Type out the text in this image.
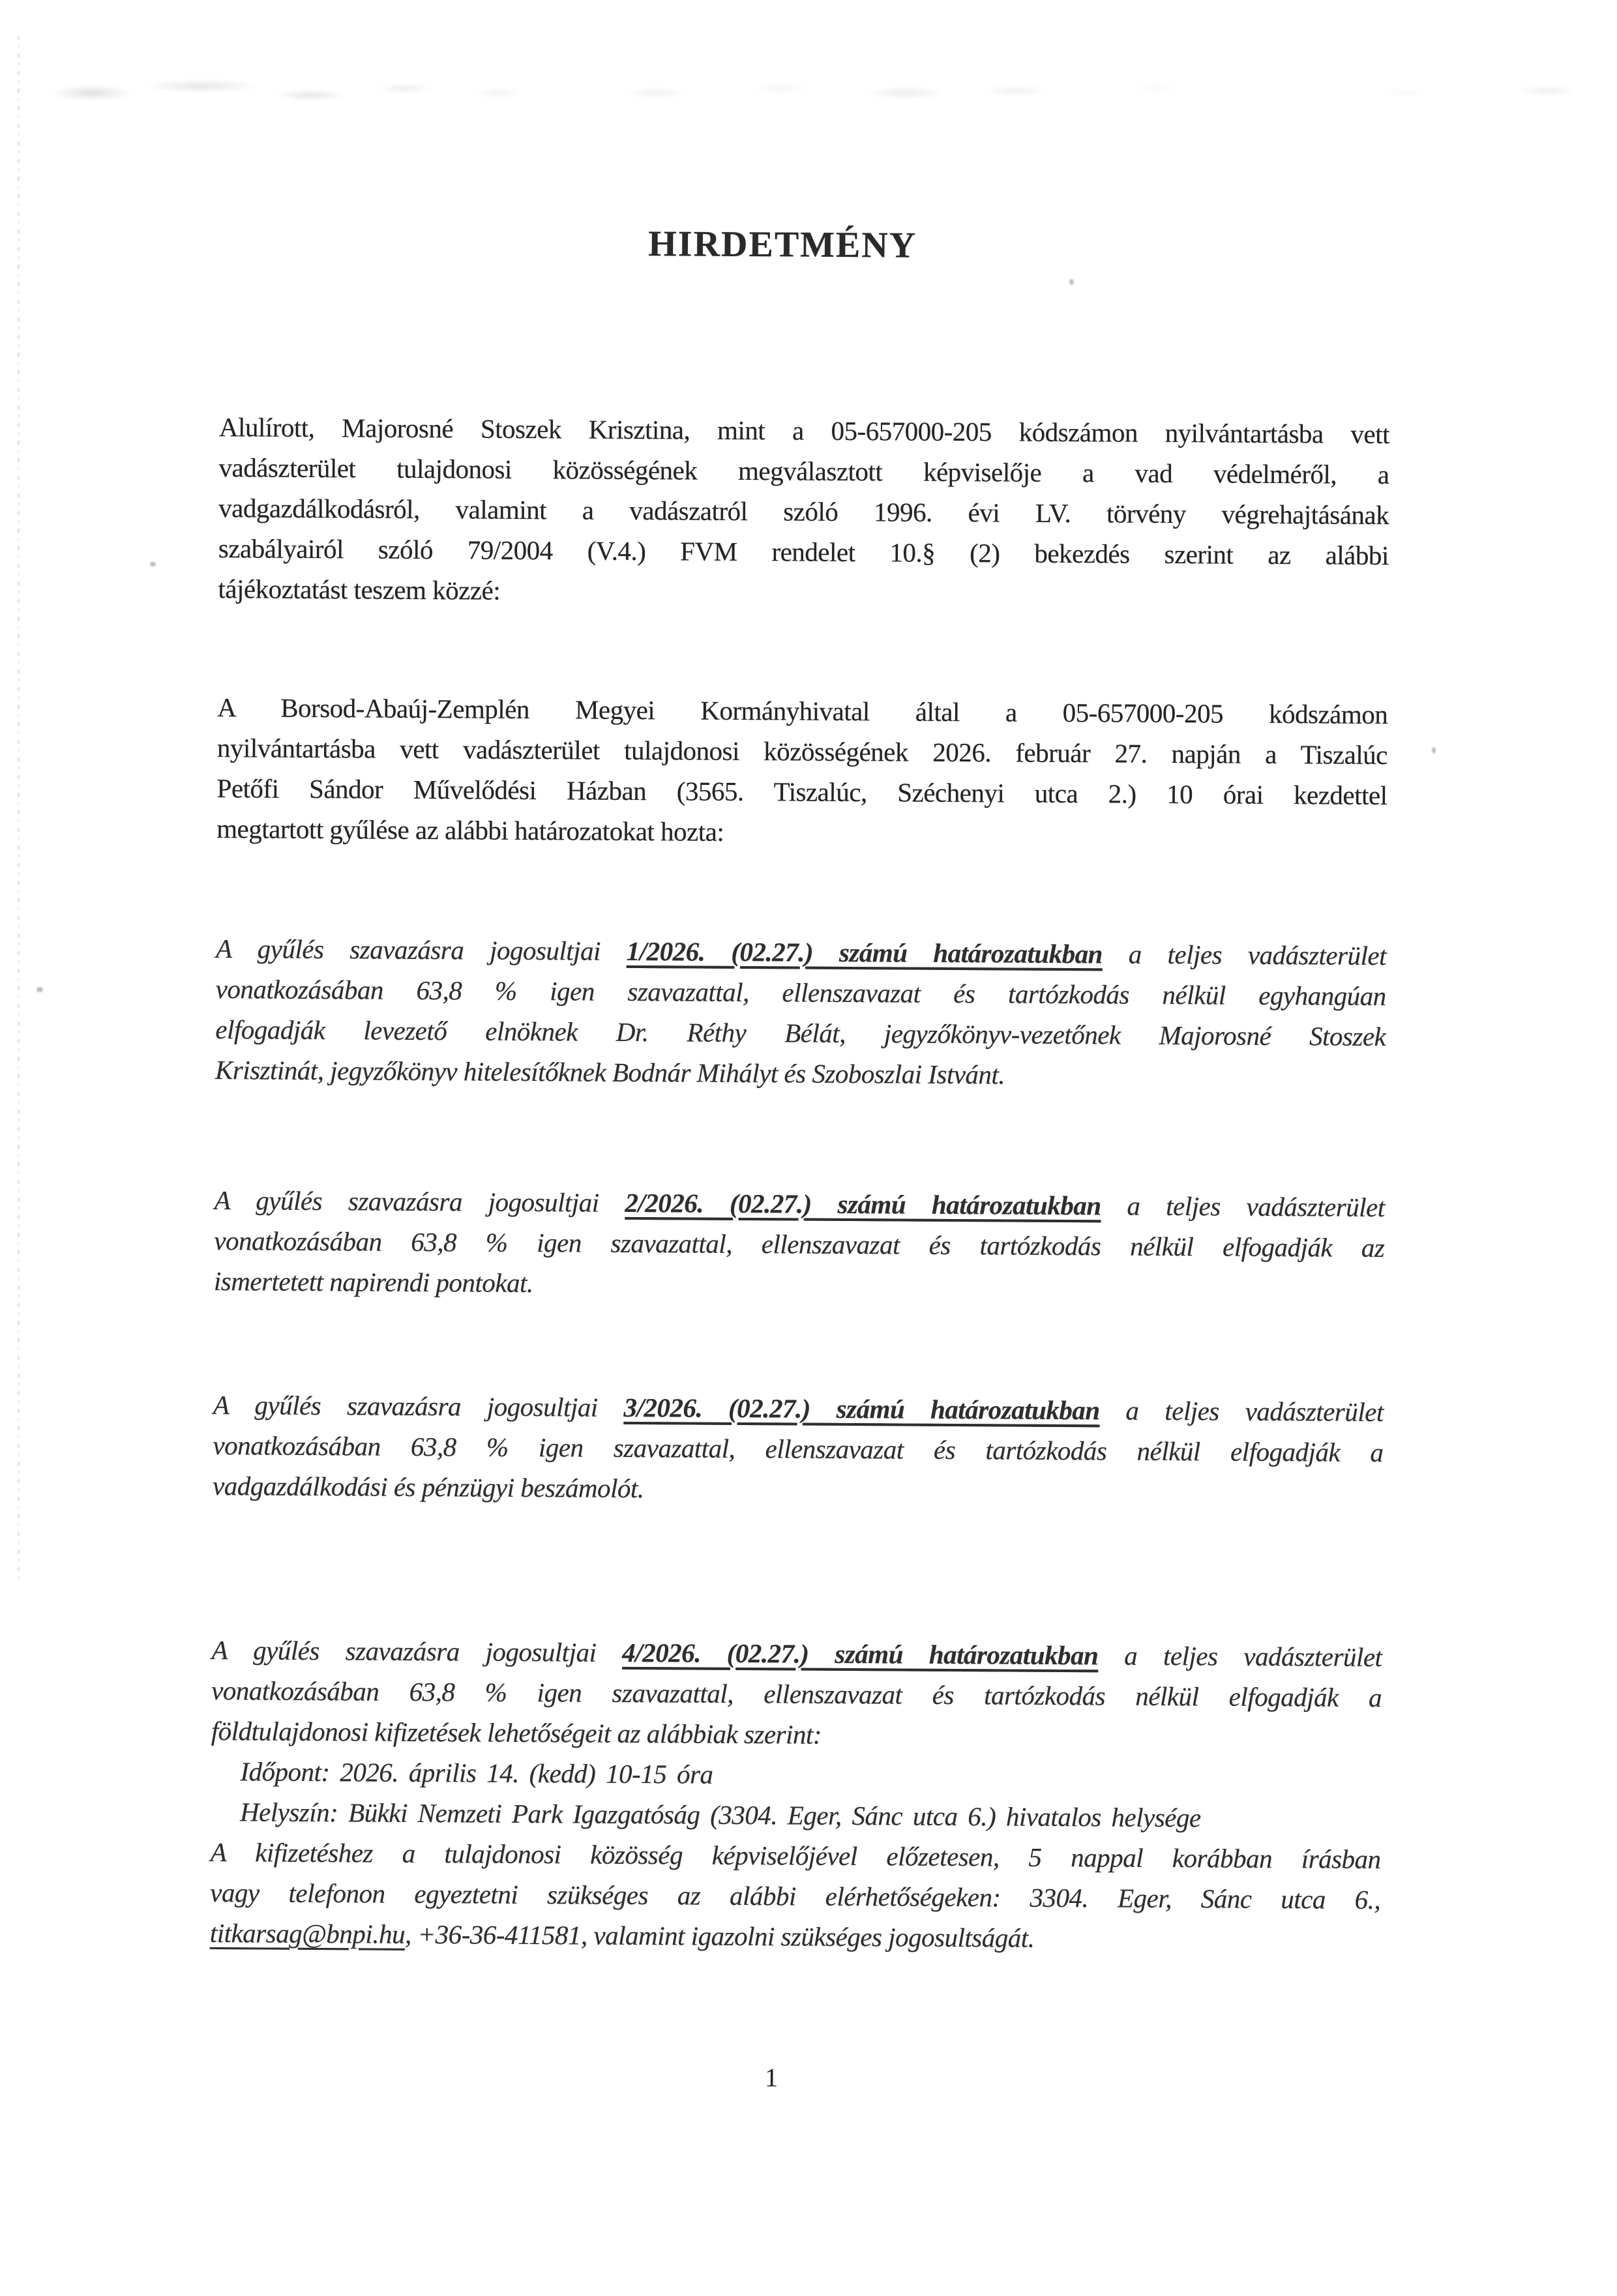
HIRDETMÉNY
Alulírott, Majorosné Stoszek Krisztina, mint a 05-657000-205 kódszámon nyilvántartásba vett
vadászterület tulajdonosi közösségének megválasztott képviselője a vad védelméről, a
vadgazdálkodásról, valamint a vadászatról szóló 1996. évi LV. törvény végrehajtásának
szabályairól szóló 79/2004 (V.4.) FVM rendelet 10.§ (2) bekezdés szerint az alábbi
tájékoztatást teszem közzé:
A Borsod-Abaúj-Zemplén Megyei Kormányhivatal által a 05-657000-205 kódszámon
nyilvántartásba vett vadászterület tulajdonosi közösségének 2026. február 27. napján a Tiszalúc
Petőfi Sándor Művelődési Házban (3565. Tiszalúc, Széchenyi utca 2.) 10 órai kezdettel
megtartott gyűlése az alábbi határozatokat hozta:
A gyűlés szavazásra jogosultjai 1/2026. (02.27.) számú határozatukban a teljes vadászterület
vonatkozásában 63,8 % igen szavazattal, ellenszavazat és tartózkodás nélkül egyhangúan
elfogadják levezető elnöknek Dr. Réthy Bélát, jegyzőkönyv-vezetőnek Majorosné Stoszek
Krisztinát, jegyzőkönyv hitelesítőknek Bodnár Mihályt és Szoboszlai Istvánt.
A gyűlés szavazásra jogosultjai 2/2026. (02.27.) számú határozatukban a teljes vadászterület
vonatkozásában 63,8 % igen szavazattal, ellenszavazat és tartózkodás nélkül elfogadják az
ismertetett napirendi pontokat.
A gyűlés szavazásra jogosultjai 3/2026. (02.27.) számú határozatukban a teljes vadászterület
vonatkozásában 63,8 % igen szavazattal, ellenszavazat és tartózkodás nélkül elfogadják a
vadgazdálkodási és pénzügyi beszámolót.
A gyűlés szavazásra jogosultjai 4/2026. (02.27.) számú határozatukban a teljes vadászterület
vonatkozásában 63,8 % igen szavazattal, ellenszavazat és tartózkodás nélkül elfogadják a
földtulajdonosi kifizetések lehetőségeit az alábbiak szerint:
Időpont: 2026. április 14. (kedd) 10-15 óra
Helyszín: Bükki Nemzeti Park Igazgatóság (3304. Eger, Sánc utca 6.) hivatalos helysége
A kifizetéshez a tulajdonosi közösség képviselőjével előzetesen, 5 nappal korábban írásban
vagy telefonon egyeztetni szükséges az alábbi elérhetőségeken: 3304. Eger, Sánc utca 6.,
titkarsag@bnpi.hu, +36-36-411581, valamint igazolni szükséges jogosultságát.
1
